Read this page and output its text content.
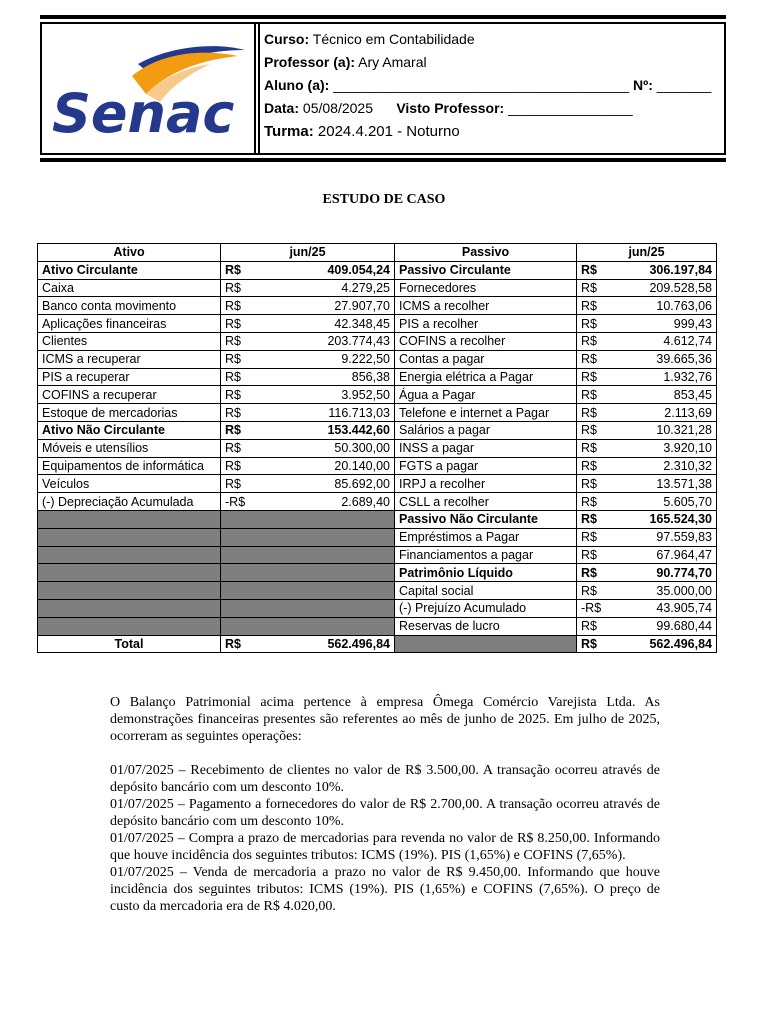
Senac
Curso: Técnico em Contabilidade
Professor (a): Ary Amaral
Aluno (a): ______________________________________ Nº: _______
Data: 05/08/2025 Visto Professor: ________________
Turma: 2024.4.201 - Noturno
ESTUDO DE CASO
Ativo	jun/25		Passivo	jun/25	
Ativo Circulante	R$	409.054,24	Passivo Circulante	R$	306.197,84
Caixa	R$	4.279,25	Fornecedores	R$	209.528,58
Banco conta movimento	R$	27.907,70	ICMS a recolher	R$	10.763,06
Aplicações financeiras	R$	42.348,45	PIS a recolher	R$	999,43
Clientes	R$	203.774,43	COFINS a recolher	R$	4.612,74
ICMS a recuperar	R$	9.222,50	Contas a pagar	R$	39.665,36
PIS a recuperar	R$	856,38	Energia elétrica a Pagar	R$	1.932,76
COFINS a recuperar	R$	3.952,50	Água a Pagar	R$	853,45
Estoque de mercadorias	R$	116.713,03	Telefone e internet a Pagar	R$	2.113,69
Ativo Não Circulante	R$	153.442,60	Salários a pagar	R$	10.321,28
Móveis e utensílios	R$	50.300,00	INSS a pagar	R$	3.920,10
Equipamentos de informática	R$	20.140,00	FGTS a pagar	R$	2.310,32
Veículos	R$	85.692,00	IRPJ a recolher	R$	13.571,38
(-) Depreciação Acumulada	-R$	2.689,40	CSLL a recolher	R$	5.605,70
			Passivo Não Circulante	R$	165.524,30
			Empréstimos a Pagar	R$	97.559,83
			Financiamentos a pagar	R$	67.964,47
			Patrimônio Líquido	R$	90.774,70
			Capital social	R$	35.000,00
			(-) Prejuízo Acumulado	-R$	43.905,74
			Reservas de lucro	R$	99.680,44
Total	R$	562.496,84		R$	562.496,84

O Balanço Patrimonial acima pertence à empresa Ômega Comércio Varejista Ltda. As demonstrações financeiras presentes são referentes ao mês de junho de 2025. Em julho de 2025, ocorreram as seguintes operações:

01/07/2025 – Recebimento de clientes no valor de R$ 3.500,00. A transação ocorreu através de depósito bancário com um desconto 10%.

01/07/2025 – Pagamento a fornecedores do valor de R$ 2.700,00. A transação ocorreu através de depósito bancário com um desconto 10%.

01/07/2025 – Compra a prazo de mercadorias para revenda no valor de R$ 8.250,00. Informando que houve incidência dos seguintes tributos: ICMS (19%). PIS (1,65%) e COFINS (7,65%).

01/07/2025 – Venda de mercadoria a prazo no valor de R$ 9.450,00. Informando que houve incidência dos seguintes tributos: ICMS (19%). PIS (1,65%) e COFINS (7,65%). O preço de custo da mercadoria era de R$ 4.020,00.
